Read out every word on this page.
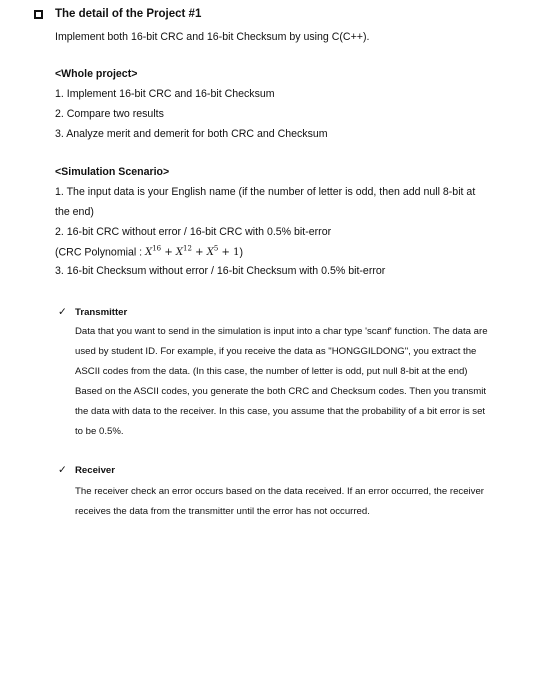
The detail of the Project #1
Implement both 16-bit CRC and 16-bit Checksum by using C(C++).
<Whole project>
1. Implement 16-bit CRC and 16-bit Checksum
2. Compare two results
3. Analyze merit and demerit for both CRC and Checksum
<Simulation Scenario>
1. The input data is your English name (if the number of letter is odd, then add null 8-bit at
the end)
2. 16-bit CRC without error / 16-bit CRC with 0.5% bit-error
(CRC Polynomial : $X^{16} + X^{12} + X^5 + 1$)
3. 16-bit Checksum without error / 16-bit Checksum with 0.5% bit-error
✓ Transmitter
Data that you want to send in the simulation is input into a char type 'scanf' function. The data are
used by student ID. For example, if you receive the data as "HONGGILDONG", you extract the
ASCII codes from the data. (In this case, the number of letter is odd, put null 8-bit at the end)
Based on the ASCII codes, you generate the both CRC and Checksum codes. Then you transmit
the data with data to the receiver. In this case, you assume that the probability of a bit error is set
to be 0.5%.
✓ Receiver
The receiver check an error occurs based on the data received. If an error occurred, the receiver
receives the data from the transmitter until the error has not occurred.
